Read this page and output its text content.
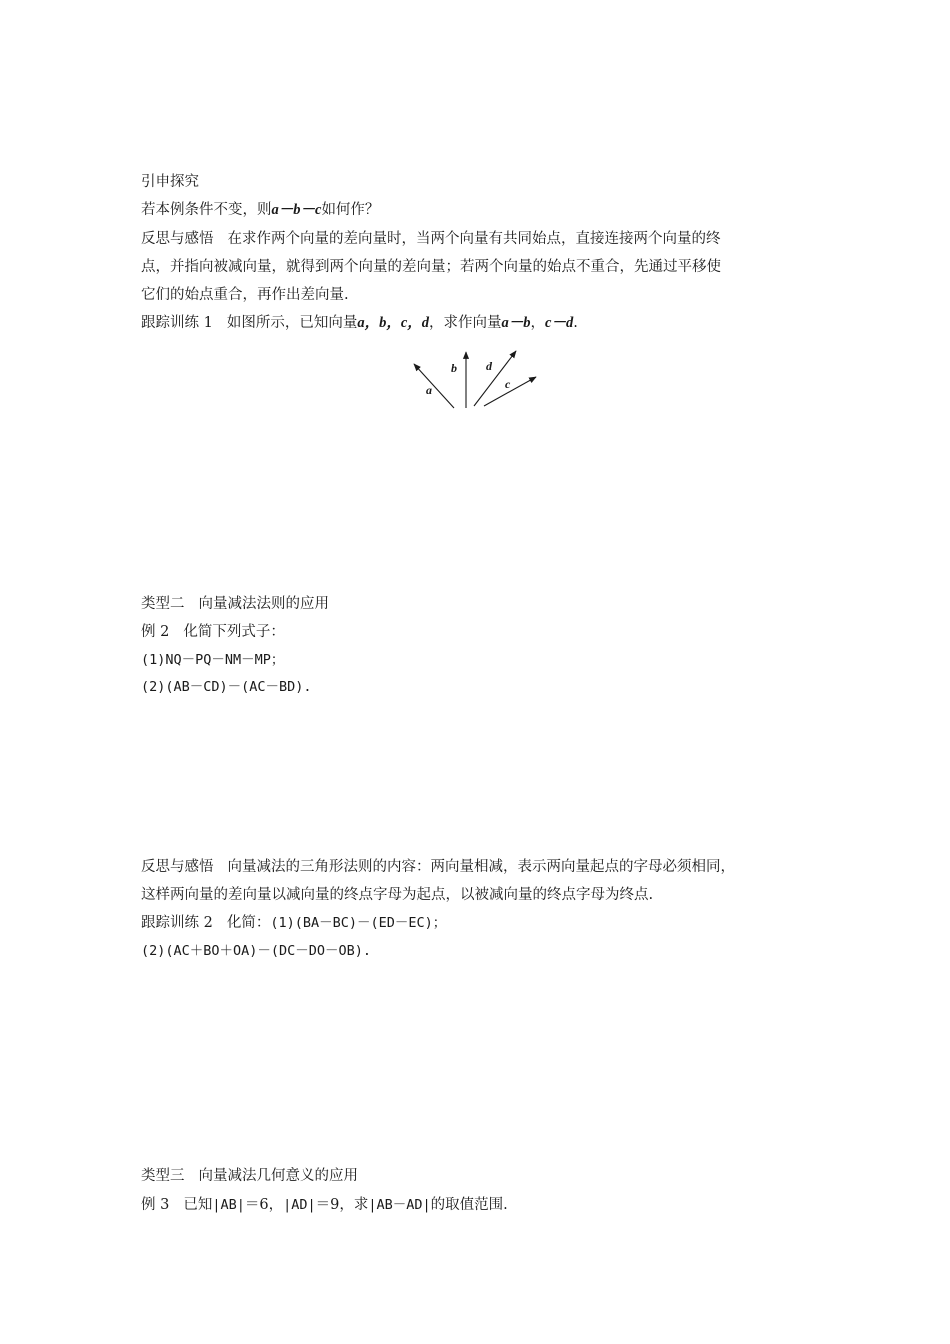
引申探究
若本例条件不变，则a－b－c如何作？
反思与感悟 在求作两个向量的差向量时，当两个向量有共同始点，直接连接两个向量的终
点，并指向被减向量，就得到两个向量的差向量；若两个向量的始点不重合，先通过平移使
它们的始点重合，再作出差向量.
跟踪训练 1 如图所示，已知向量a，b，c，d，求作向量a－b，c－d.
a
b d
c
类型二 向量减法法则的应用
例 2 化简下列式子：
(1)NQ－PQ－NM－MP；
(2)(AB－CD)－(AC－BD).
反思与感悟 向量减法的三角形法则的内容：两向量相减，表示两向量起点的字母必须相同，
这样两向量的差向量以减向量的终点字母为起点，以被减向量的终点字母为终点.
跟踪训练 2 化简：(1)(BA－BC)－(ED－EC)；
(2)(AC＋BO＋OA)－(DC－DO－OB).
类型三 向量减法几何意义的应用
例 3 已知|AB|＝6，|AD|＝9，求|AB－AD|的取值范围.
